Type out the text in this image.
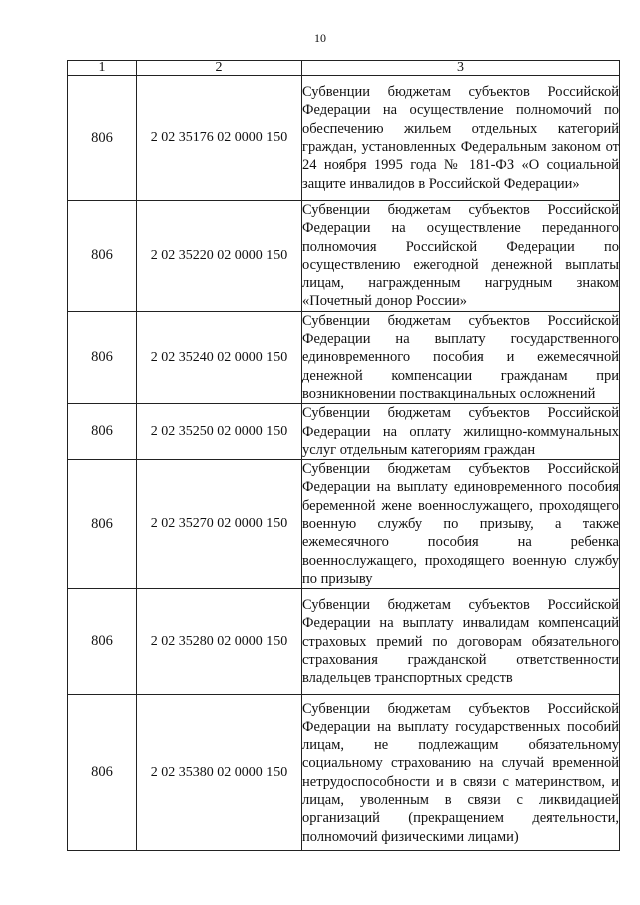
10
1	2	3
806	2 02 35176 02 0000 150	Субвенции бюджетам субъектов Российской Федерации на осуществление полномочий по обеспечению жильем отдельных категорий граждан, установленных Федеральным законом от 24 ноября 1995 года № 181-ФЗ «О социальной защите инвалидов в Российской Федерации»
806	2 02 35220 02 0000 150	Субвенции бюджетам субъектов Российской Федерации на осуществление переданного полномочия Российской Федерации по осуществлению ежегодной денежной выплаты лицам, награжденным нагрудным знаком «Почетный донор России»
806	2 02 35240 02 0000 150	Субвенции бюджетам субъектов Российской Федерации на выплату государственного единовременного пособия и ежемесячной денежной компенсации гражданам при возникновении поствакцинальных осложнений
806	2 02 35250 02 0000 150	Субвенции бюджетам субъектов Российской Федерации на оплату жилищно-коммунальных услуг отдельным категориям граждан
806	2 02 35270 02 0000 150	Субвенции бюджетам субъектов Российской Федерации на выплату единовременного пособия беременной жене военнослужащего, проходящего военную службу по призыву, а также ежемесячного пособия на ребенка военнослужащего, проходящего военную службу по призыву
806	2 02 35280 02 0000 150	Субвенции бюджетам субъектов Российской Федерации на выплату инвалидам компенсаций страховых премий по договорам обязательного страхования гражданской ответственности владельцев транспортных средств
806	2 02 35380 02 0000 150	Субвенции бюджетам субъектов Российской Федерации на выплату государственных пособий лицам, не подлежащим обязательному социальному страхованию на случай временной нетрудоспособности и в связи с материнством, и лицам, уволенным в связи с ликвидацией организаций (прекращением деятельности, полномочий физическими лицами)
